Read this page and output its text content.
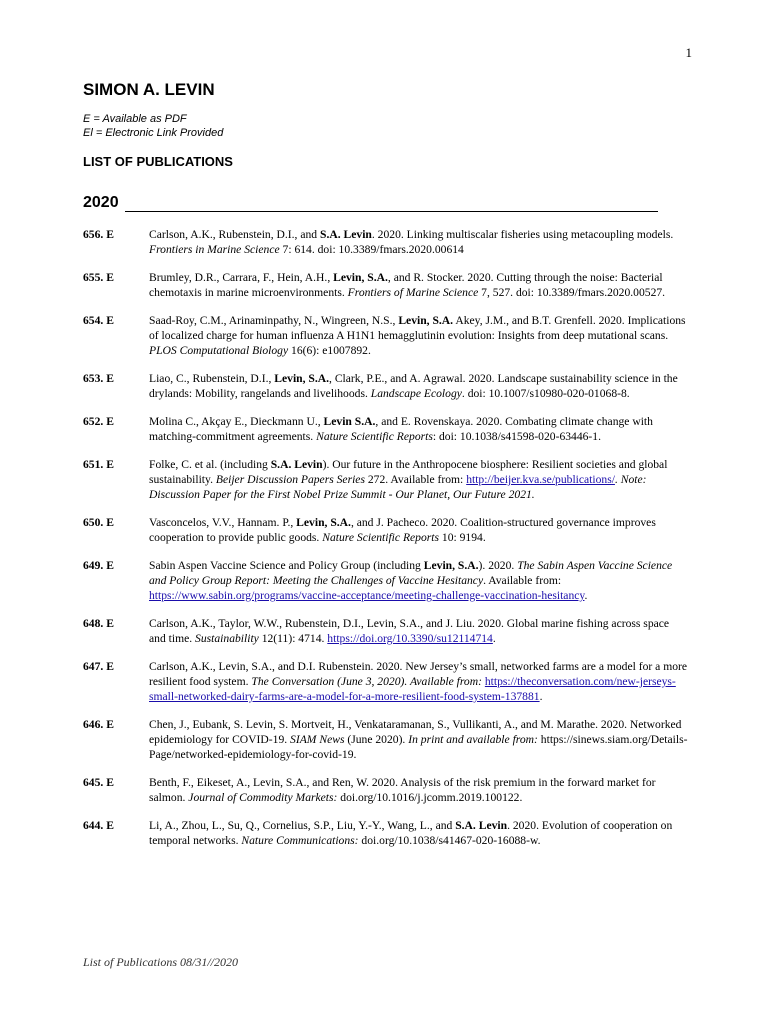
1
SIMON A. LEVIN
E = Available as PDF
El = Electronic Link Provided
LIST OF PUBLICATIONS
2020
656. E	Carlson, A.K., Rubenstein, D.I., and S.A. Levin. 2020. Linking multiscalar fisheries using metacoupling models. Frontiers in Marine Science 7: 614. doi: 10.3389/fmars.2020.00614
655. E	Brumley, D.R., Carrara, F., Hein, A.H., Levin, S.A., and R. Stocker. 2020. Cutting through the noise: Bacterial chemotaxis in marine microenvironments. Frontiers of Marine Science 7, 527. doi: 10.3389/fmars.2020.00527.
654. E	Saad-Roy, C.M., Arinaminpathy, N., Wingreen, N.S., Levin, S.A. Akey, J.M., and B.T. Grenfell. 2020. Implications of localized charge for human influenza A H1N1 hemagglutinin evolution: Insights from deep mutational scans. PLOS Computational Biology 16(6): e1007892.
653. E	Liao, C., Rubenstein, D.I., Levin, S.A., Clark, P.E., and A. Agrawal. 2020. Landscape sustainability science in the drylands: Mobility, rangelands and livelihoods. Landscape Ecology. doi: 10.1007/s10980-020-01068-8.
652. E	Molina C., Akçay E., Dieckmann U., Levin S.A., and E. Rovenskaya. 2020. Combating climate change with matching-commitment agreements. Nature Scientific Reports: doi: 10.1038/s41598-020-63446-1.
651. E	Folke, C. et al. (including S.A. Levin). Our future in the Anthropocene biosphere: Resilient societies and global sustainability. Beijer Discussion Papers Series 272. Available from: http://beijer.kva.se/publications/. Note: Discussion Paper for the First Nobel Prize Summit - Our Planet, Our Future 2021.
650. E	Vasconcelos, V.V., Hannam. P., Levin, S.A., and J. Pacheco. 2020. Coalition-structured governance improves cooperation to provide public goods. Nature Scientific Reports 10: 9194.
649. E	Sabin Aspen Vaccine Science and Policy Group (including Levin, S.A.). 2020. The Sabin Aspen Vaccine Science and Policy Group Report: Meeting the Challenges of Vaccine Hesitancy. Available from: https://www.sabin.org/programs/vaccine-acceptance/meeting-challenge-vaccination-hesitancy.
648. E	Carlson, A.K., Taylor, W.W., Rubenstein, D.I., Levin, S.A., and J. Liu. 2020. Global marine fishing across space and time. Sustainability 12(11): 4714. https://doi.org/10.3390/su12114714.
647. E	Carlson, A.K., Levin, S.A., and D.I. Rubenstein. 2020. New Jersey’s small, networked farms are a model for a more resilient food system. The Conversation (June 3, 2020). Available from: https://theconversation.com/new-jerseys-small-networked-dairy-farms-are-a-model-for-a-more-resilient-food-system-137881.
646. E	Chen, J., Eubank, S. Levin, S. Mortveit, H., Venkataramanan, S., Vullikanti, A., and M. Marathe. 2020. Networked epidemiology for COVID-19. SIAM News (June 2020). In print and available from: https://sinews.siam.org/Details-Page/networked-epidemiology-for-covid-19.
645. E	Benth, F., Eikeset, A., Levin, S.A., and Ren, W. 2020. Analysis of the risk premium in the forward market for salmon. Journal of Commodity Markets: doi.org/10.1016/j.jcomm.2019.100122.
644. E	Li, A., Zhou, L., Su, Q., Cornelius, S.P., Liu, Y.-Y., Wang, L., and S.A. Levin. 2020. Evolution of cooperation on temporal networks. Nature Communications: doi.org/10.1038/s41467-020-16088-w.
List of Publications 08/31//2020
